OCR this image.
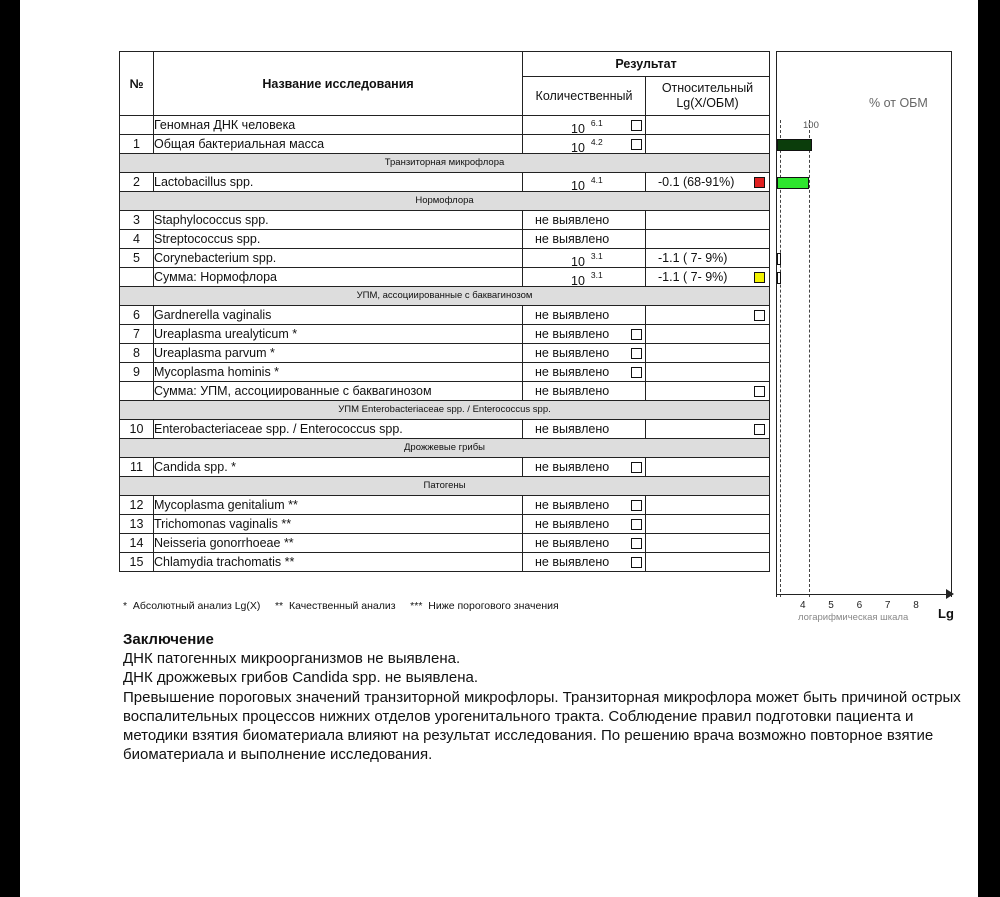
№	Название исследования	Результат	
		Количественный	Относительный Lg(X/ОБМ)
	Геномная ДНК человека	10 $^{6.1}$

1	Общая бактериальная масса	10 $^{4.2}$

Транзиторная микрофлора			
2	Lactobacillus spp.	10 $^{4.1}$	-0.1 (68-91%)

Нормофлора			
3	Staphylococcus spp.	не выявлено	

4	Streptococcus spp.	не выявлено	

5	Corynebacterium spp.	10 $^{3.1}$	-1.1 ( 7- 9%)

	Сумма: Нормофлора	10 $^{3.1}$	-1.1 ( 7- 9%)

УПМ, ассоциированные с баквагинозом			
6	Gardnerella vaginalis	не выявлено	

7	Ureaplasma urealyticum *	не выявлено	

8	Ureaplasma parvum *	не выявлено	

9	Mycoplasma hominis *	не выявлено	

	Сумма: УПМ, ассоциированные с баквагинозом	не выявлено	

УПМ Enterobacteriaceae spp. / Enterococcus spp.			
10	Enterobacteriaceae spp. / Enterococcus spp.	не выявлено	

Дрожжевые грибы			
11	Candida spp. *	не выявлено	

Патогены			
12	Mycoplasma genitalium **	не выявлено	

13	Trichomonas vaginalis **	не выявлено	

14	Neisseria gonorrhoeae **	не выявлено	

15	Chlamydia trachomatis **	не выявлено	

% от ОБМ
100
4 5 6 7 8
логарифмическая шкала Lg
*  Абсолютный анализ Lg(X)     **  Качественный анализ     ***  Ниже порогового значения
Заключение
ДНК патогенных микроорганизмов не выявлена.
ДНК дрожжевых грибов Candida spp. не выявлена.
Превышение пороговых значений транзиторной микрофлоры. Транзиторная микрофлора может быть причиной острых воспалительных процессов нижних отделов урогенитального тракта. Соблюдение правил подготовки пациента и методики взятия биоматериала влияют на результат исследования. По решению врача возможно повторное взятие биоматериала и выполнение исследования.
